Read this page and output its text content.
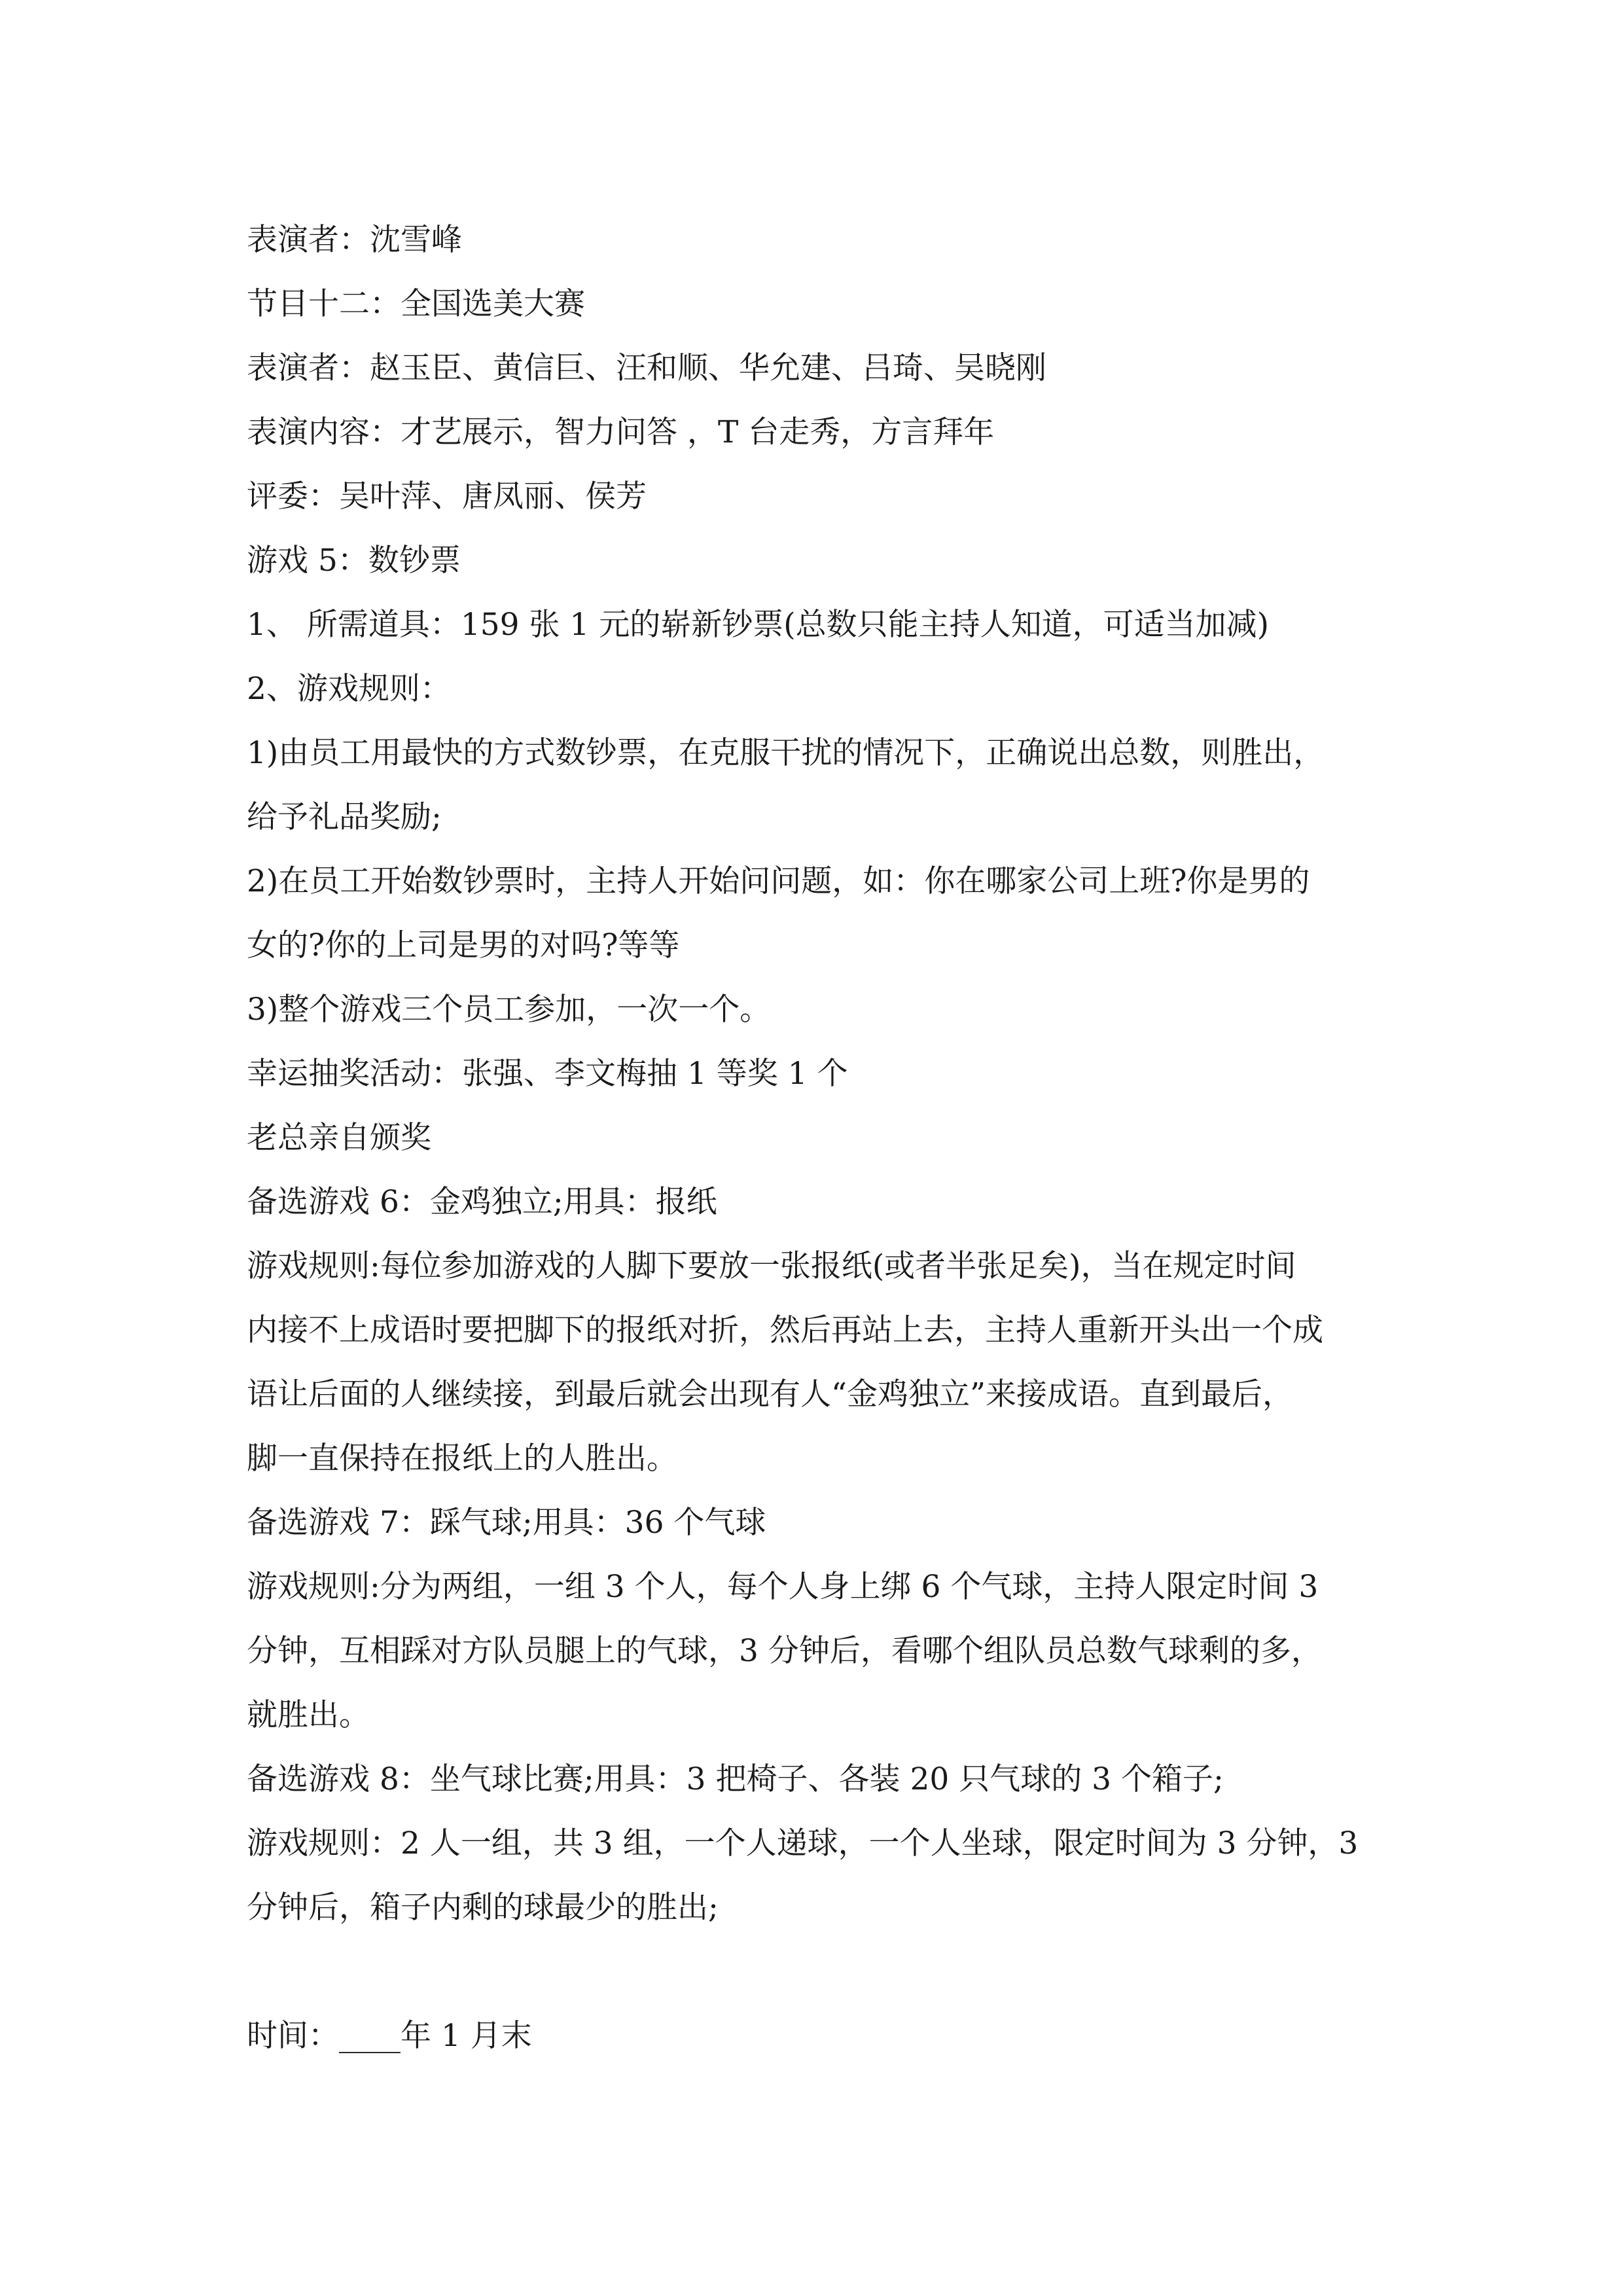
表演者：沈雪峰

节目十二：全国选美大赛

表演者：赵玉臣、黄信巨、汪和顺、华允建、吕琦、吴晓刚

表演内容：才艺展示，智力问答 ，T 台走秀，方言拜年

评委：吴叶萍、唐凤丽、侯芳

游戏 5：数钞票

1、 所需道具：159 张 1 元的崭新钞票(总数只能主持人知道，可适当加减)

2、游戏规则：

1)由员工用最快的方式数钞票，在克服干扰的情况下，正确说出总数，则胜出，

给予礼品奖励;

2)在员工开始数钞票时，主持人开始问问题，如：你在哪家公司上班?你是男的

女的?你的上司是男的对吗?等等

3)整个游戏三个员工参加，一次一个。

幸运抽奖活动：张强、李文梅抽 1 等奖 1 个

老总亲自颁奖

备选游戏 6：金鸡独立;用具：报纸

游戏规则:每位参加游戏的人脚下要放一张报纸(或者半张足矣)，当在规定时间

内接不上成语时要把脚下的报纸对折，然后再站上去，主持人重新开头出一个成

语让后面的人继续接，到最后就会出现有人“金鸡独立”来接成语。直到最后，

脚一直保持在报纸上的人胜出。

备选游戏 7：踩气球;用具：36 个气球

游戏规则:分为两组，一组 3 个人，每个人身上绑 6 个气球，主持人限定时间 3

分钟，互相踩对方队员腿上的气球，3 分钟后，看哪个组队员总数气球剩的多，

就胜出。

备选游戏 8：坐气球比赛;用具：3 把椅子、各装 20 只气球的 3 个箱子;

游戏规则：2 人一组，共 3 组，一个人递球，一个人坐球，限定时间为 3 分钟，3

分钟后，箱子内剩的球最少的胜出;

时间：____年 1 月末
